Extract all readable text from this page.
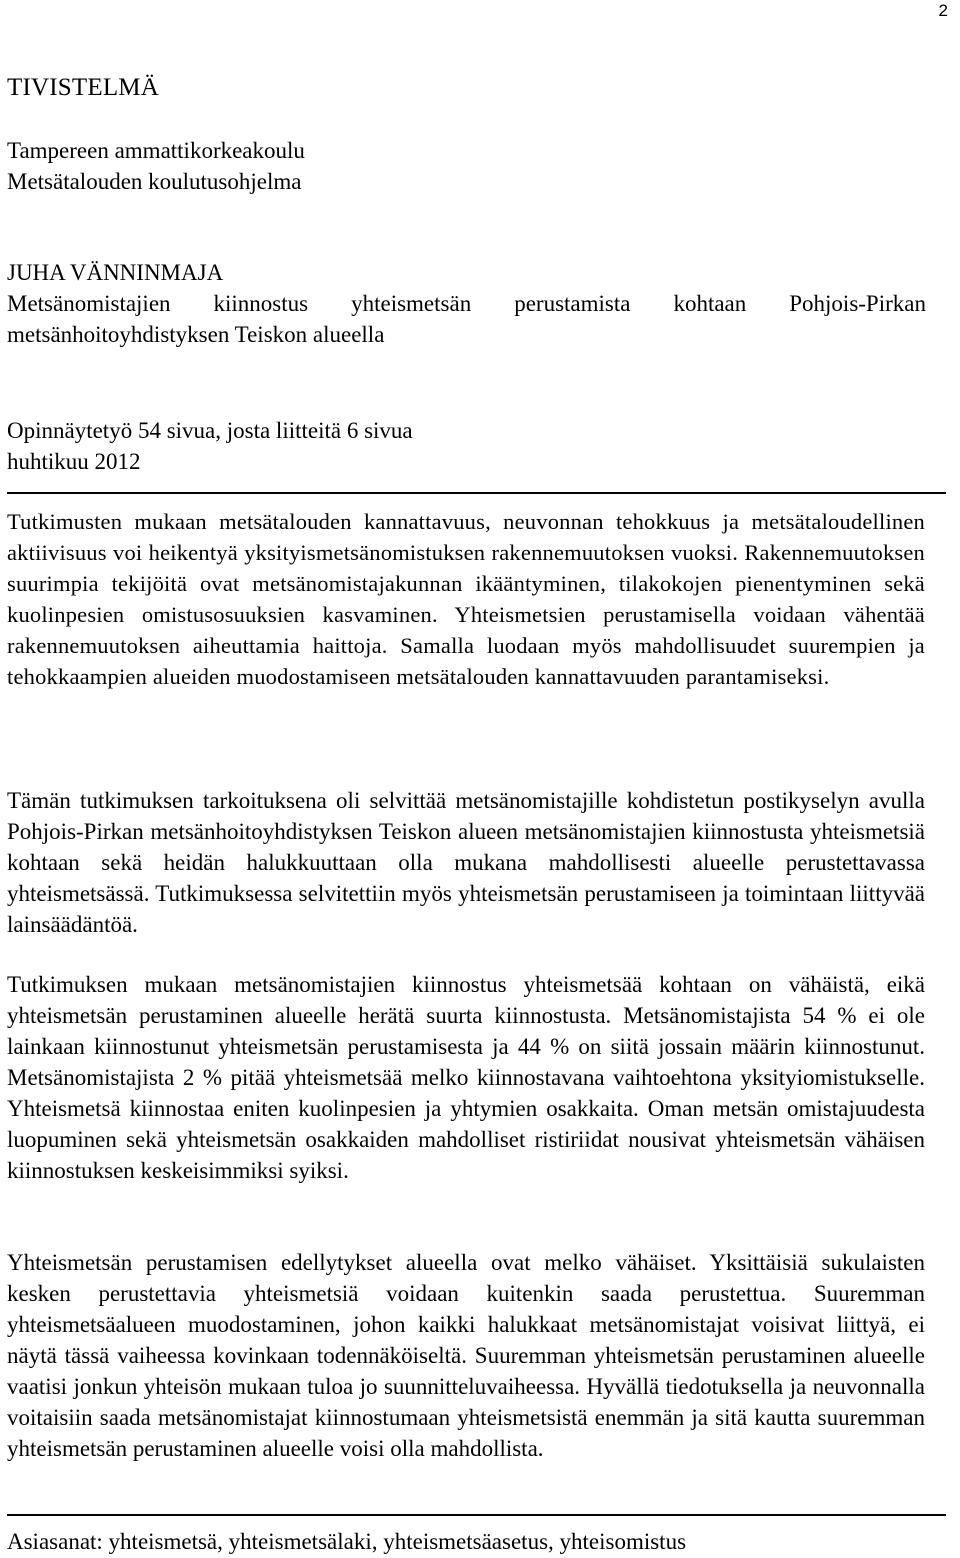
2
TIVISTELMÄ
Tampereen ammattikorkeakoulu
Metsätalouden koulutusohjelma
JUHA VÄNNINMAJA
Metsänomistajien kiinnostus yhteismetsän perustamista kohtaan Pohjois-Pirkan
metsänhoitoyhdistyksen Teiskon alueella
Opinnäytetyö 54 sivua, josta liitteitä 6 sivua
huhtikuu 2012
Tutkimusten mukaan metsätalouden kannattavuus, neuvonnan tehokkuus ja metsätaloudellinen aktiivisuus voi heikentyä yksityismetsänomistuksen rakennemuutoksen vuoksi. Rakennemuutoksen suurimpia tekijöitä ovat metsänomistajakunnan ikääntyminen, tilakokojen pienentyminen sekä kuolinpesien omistusosuuksien kasvaminen. Yhteismetsien perustamisella voidaan vähentää rakennemuutoksen aiheuttamia haittoja. Samalla luodaan myös mahdollisuudet suurempien ja tehokkaampien alueiden muodostamiseen metsätalouden kannattavuuden parantamiseksi.
Tämän tutkimuksen tarkoituksena oli selvittää metsänomistajille kohdistetun postikyselyn avulla Pohjois-Pirkan metsänhoitoyhdistyksen Teiskon alueen metsänomistajien kiinnostusta yhteismetsiä kohtaan sekä heidän halukkuuttaan olla mukana mahdollisesti alueelle perustettavassa yhteismetsässä. Tutkimuksessa selvitettiin myös yhteismetsän perustamiseen ja toimintaan liittyvää lainsäädäntöä.
Tutkimuksen mukaan metsänomistajien kiinnostus yhteismetsää kohtaan on vähäistä, eikä yhteismetsän perustaminen alueelle herätä suurta kiinnostusta. Metsänomistajista 54 % ei ole lainkaan kiinnostunut yhteismetsän perustamisesta ja 44 % on siitä jossain määrin kiinnostunut. Metsänomistajista 2 % pitää yhteismetsää melko kiinnostavana vaihtoehtona yksityiomistukselle. Yhteismetsä kiinnostaa eniten kuolinpesien ja yhtymien osakkaita. Oman metsän omistajuudesta luopuminen sekä yhteismetsän osakkaiden mahdolliset ristiriidat nousivat yhteismetsän vähäisen kiinnostuksen keskeisimmiksi syiksi.
Yhteismetsän perustamisen edellytykset alueella ovat melko vähäiset. Yksittäisiä sukulaisten kesken perustettavia yhteismetsiä voidaan kuitenkin saada perustettua. Suuremman yhteismetsäalueen muodostaminen, johon kaikki halukkaat metsänomistajat voisivat liittyä, ei näytä tässä vaiheessa kovinkaan todennäköiseltä. Suuremman yhteismetsän perustaminen alueelle vaatisi jonkun yhteisön mukaan tuloa jo suunnitteluvaiheessa. Hyvällä tiedotuksella ja neuvonnalla voitaisiin saada metsänomistajat kiinnostumaan yhteismetsistä enemmän ja sitä kautta suuremman yhteismetsän perustaminen alueelle voisi olla mahdollista.
Asiasanat: yhteismetsä, yhteismetsälaki, yhteismetsäasetus, yhteisomistus
